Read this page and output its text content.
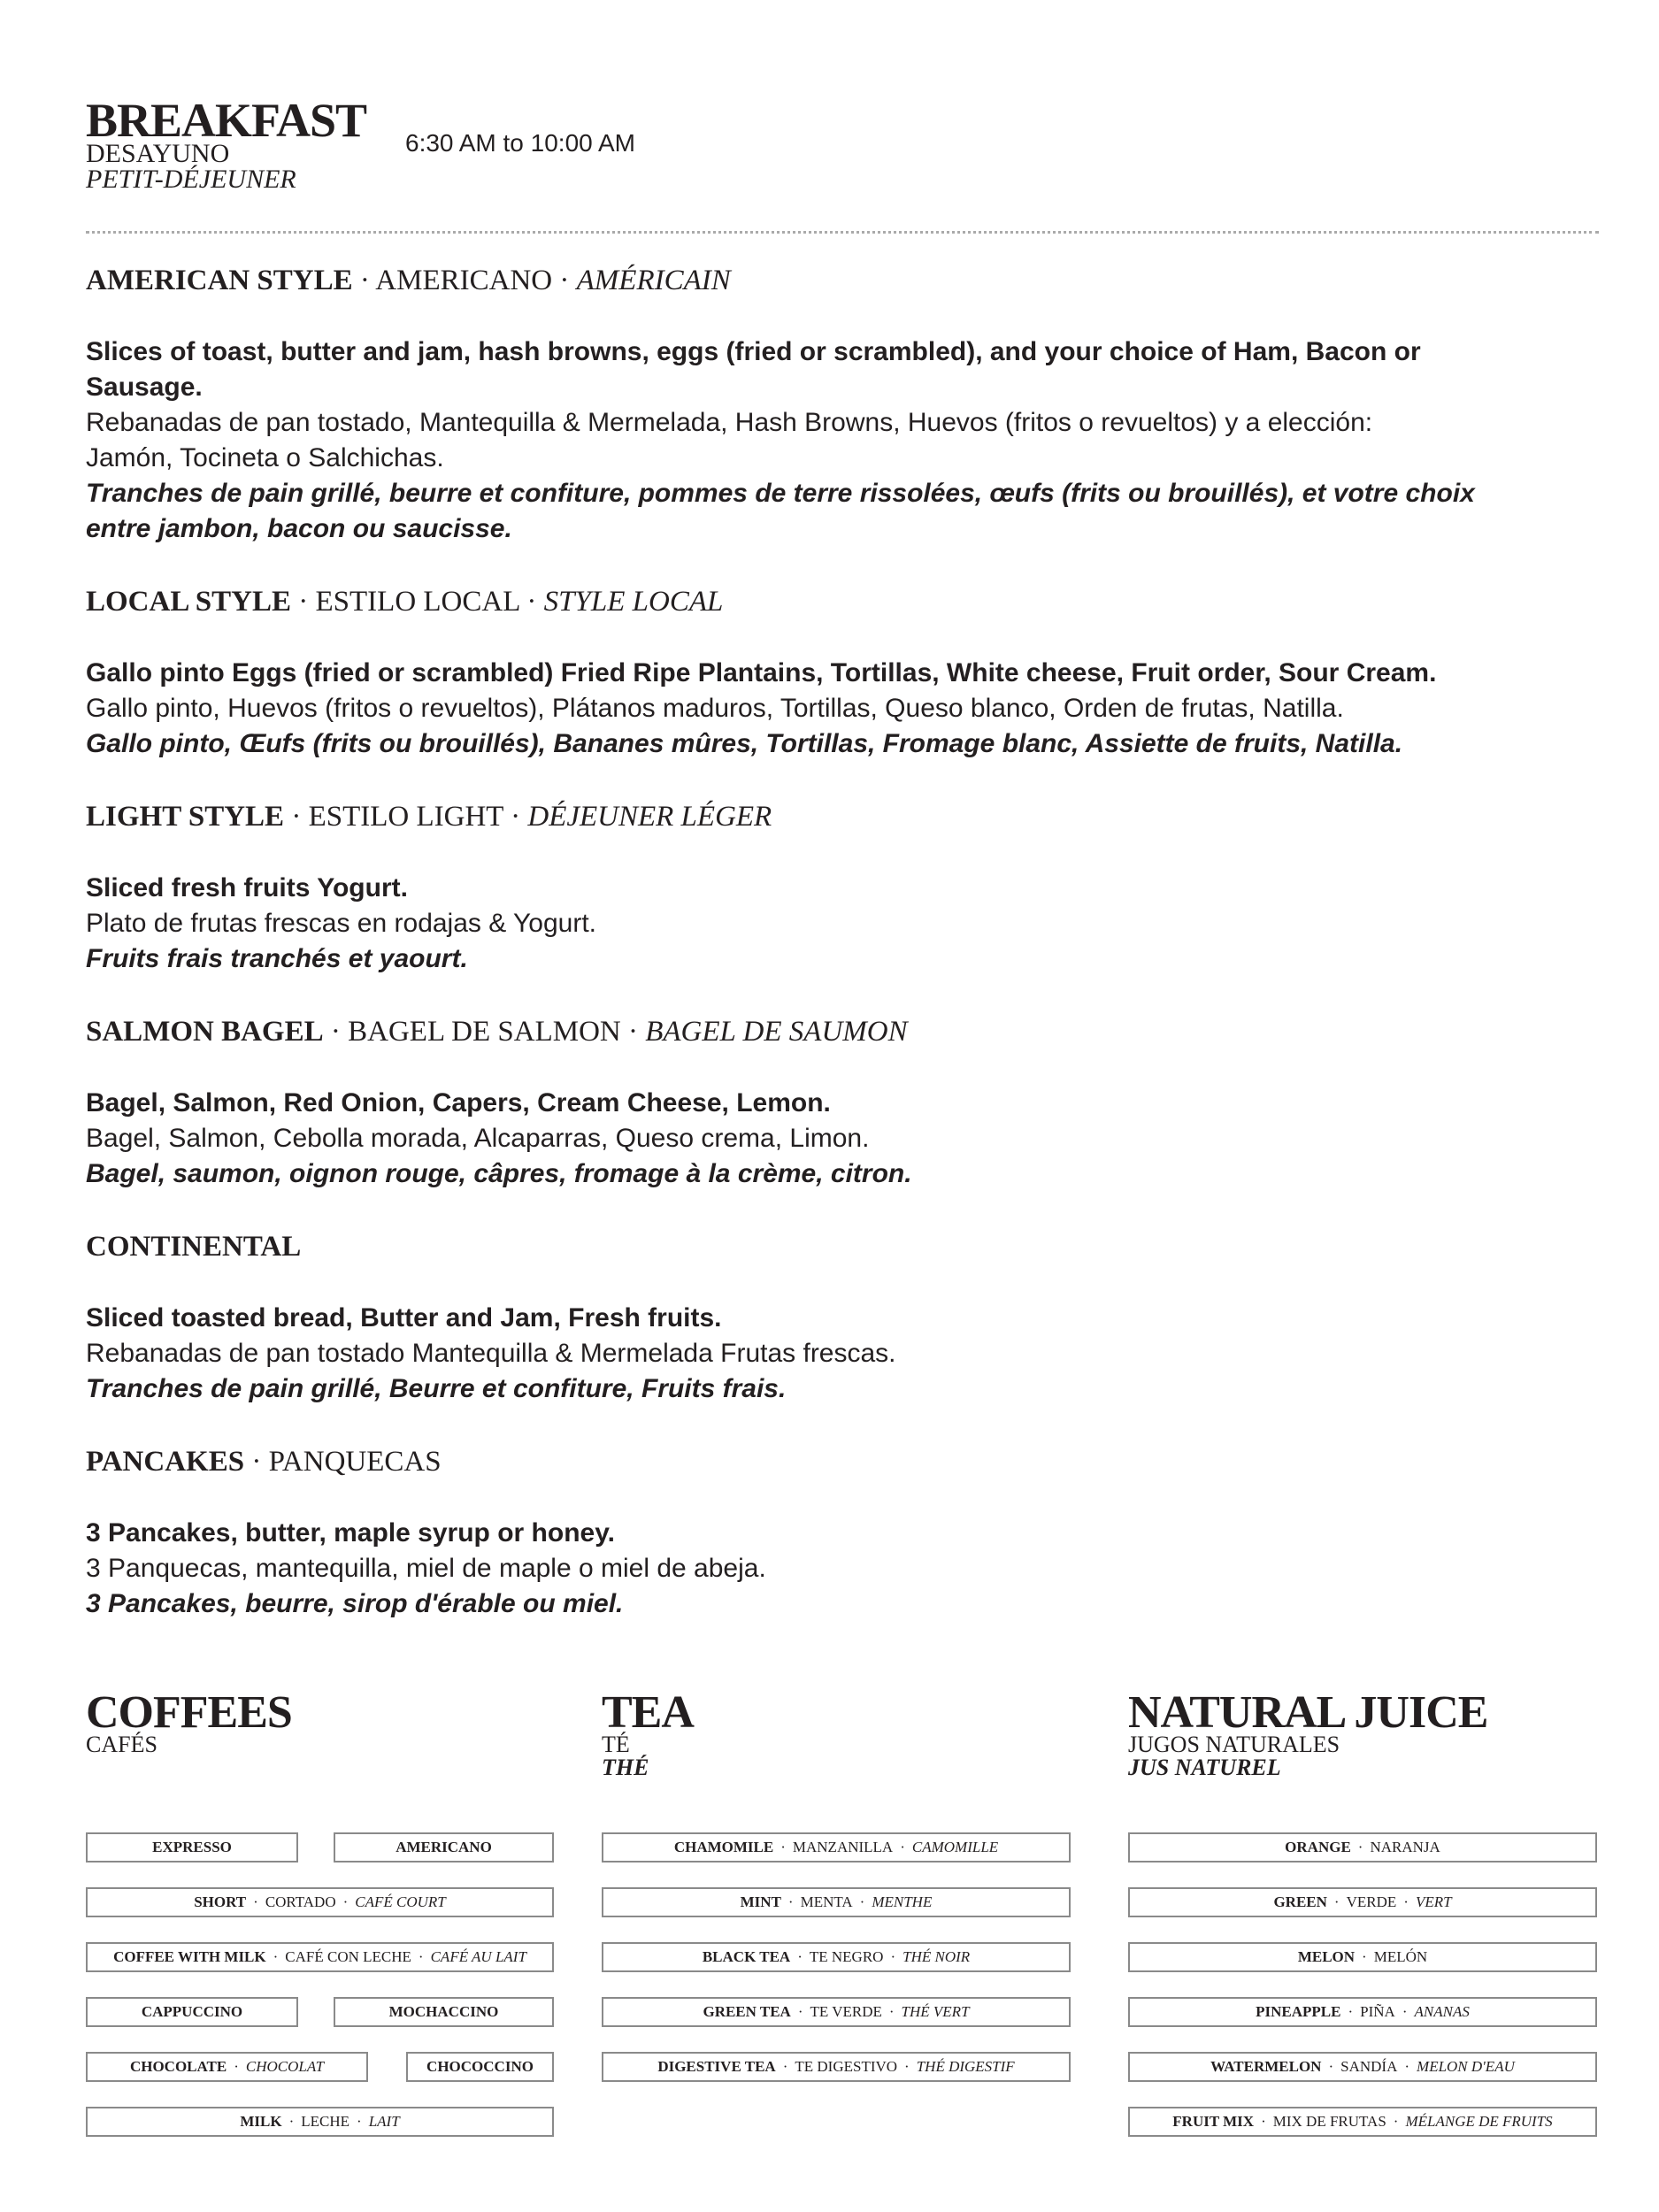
BREAKFAST
DESAYUNO
PETIT-DÉJEUNER
6:30 AM to 10:00 AM
AMERICAN STYLE · AMERICANO · AMÉRICAIN
Slices of toast, butter and jam, hash browns, eggs (fried or scrambled), and your choice of Ham, Bacon or
Sausage.
Rebanadas de pan tostado, Mantequilla & Mermelada, Hash Browns, Huevos (fritos o revueltos) y a elección:
Jamón, Tocineta o Salchichas.
Tranches de pain grillé, beurre et confiture, pommes de terre rissolées, œufs (frits ou brouillés), et votre choix
entre jambon, bacon ou saucisse.
LOCAL STYLE · ESTILO LOCAL · STYLE LOCAL
Gallo pinto Eggs (fried or scrambled) Fried Ripe Plantains, Tortillas, White cheese, Fruit order, Sour Cream.
Gallo pinto, Huevos (fritos o revueltos), Plátanos maduros, Tortillas, Queso blanco, Orden de frutas, Natilla.
Gallo pinto, Œufs (frits ou brouillés), Bananes mûres, Tortillas, Fromage blanc, Assiette de fruits, Natilla.
LIGHT STYLE · ESTILO LIGHT · DÉJEUNER LÉGER
Sliced fresh fruits Yogurt.
Plato de frutas frescas en rodajas & Yogurt.
Fruits frais tranchés et yaourt.
SALMON BAGEL · BAGEL DE SALMON · BAGEL DE SAUMON
Bagel, Salmon, Red Onion, Capers, Cream Cheese, Lemon.
Bagel, Salmon, Cebolla morada, Alcaparras, Queso crema, Limon.
Bagel, saumon, oignon rouge, câpres, fromage à la crème, citron.
CONTINENTAL
Sliced toasted bread, Butter and Jam, Fresh fruits.
Rebanadas de pan tostado Mantequilla & Mermelada Frutas frescas.
Tranches de pain grillé, Beurre et confiture, Fruits frais.
PANCAKES · PANQUECAS
3 Pancakes, butter, maple syrup or honey.
3 Panquecas, mantequilla, miel de maple o miel de abeja.
3 Pancakes, beurre, sirop d'érable ou miel.
COFFEES
CAFÉS
TEA
TÉ
THÉ
NATURAL JUICE
JUGOS NATURALES
JUS NATUREL
EXPRESSO	AMERICANO
SHORT · CORTADO · CAFÉ COURT
COFFEE WITH MILK · CAFÉ CON LECHE · CAFÉ AU LAIT
CAPPUCCINO	MOCHACCINO
CHOCOLATE · CHOCOLAT	CHOCOCCINO
MILK · LECHE · LAIT
CHAMOMILE · MANZANILLA · CAMOMILLE
MINT · MENTA · MENTHE
BLACK TEA · TE NEGRO · THÉ NOIR
GREEN TEA · TE VERDE · THÉ VERT
DIGESTIVE TEA · TE DIGESTIVO · THÉ DIGESTIF
ORANGE · NARANJA
GREEN · VERDE · VERT
MELON · MELÓN
PINEAPPLE · PIÑA · ANANAS
WATERMELON · SANDÍA · MELON D'EAU
FRUIT MIX · MIX DE FRUTAS · MÉLANGE DE FRUITS
